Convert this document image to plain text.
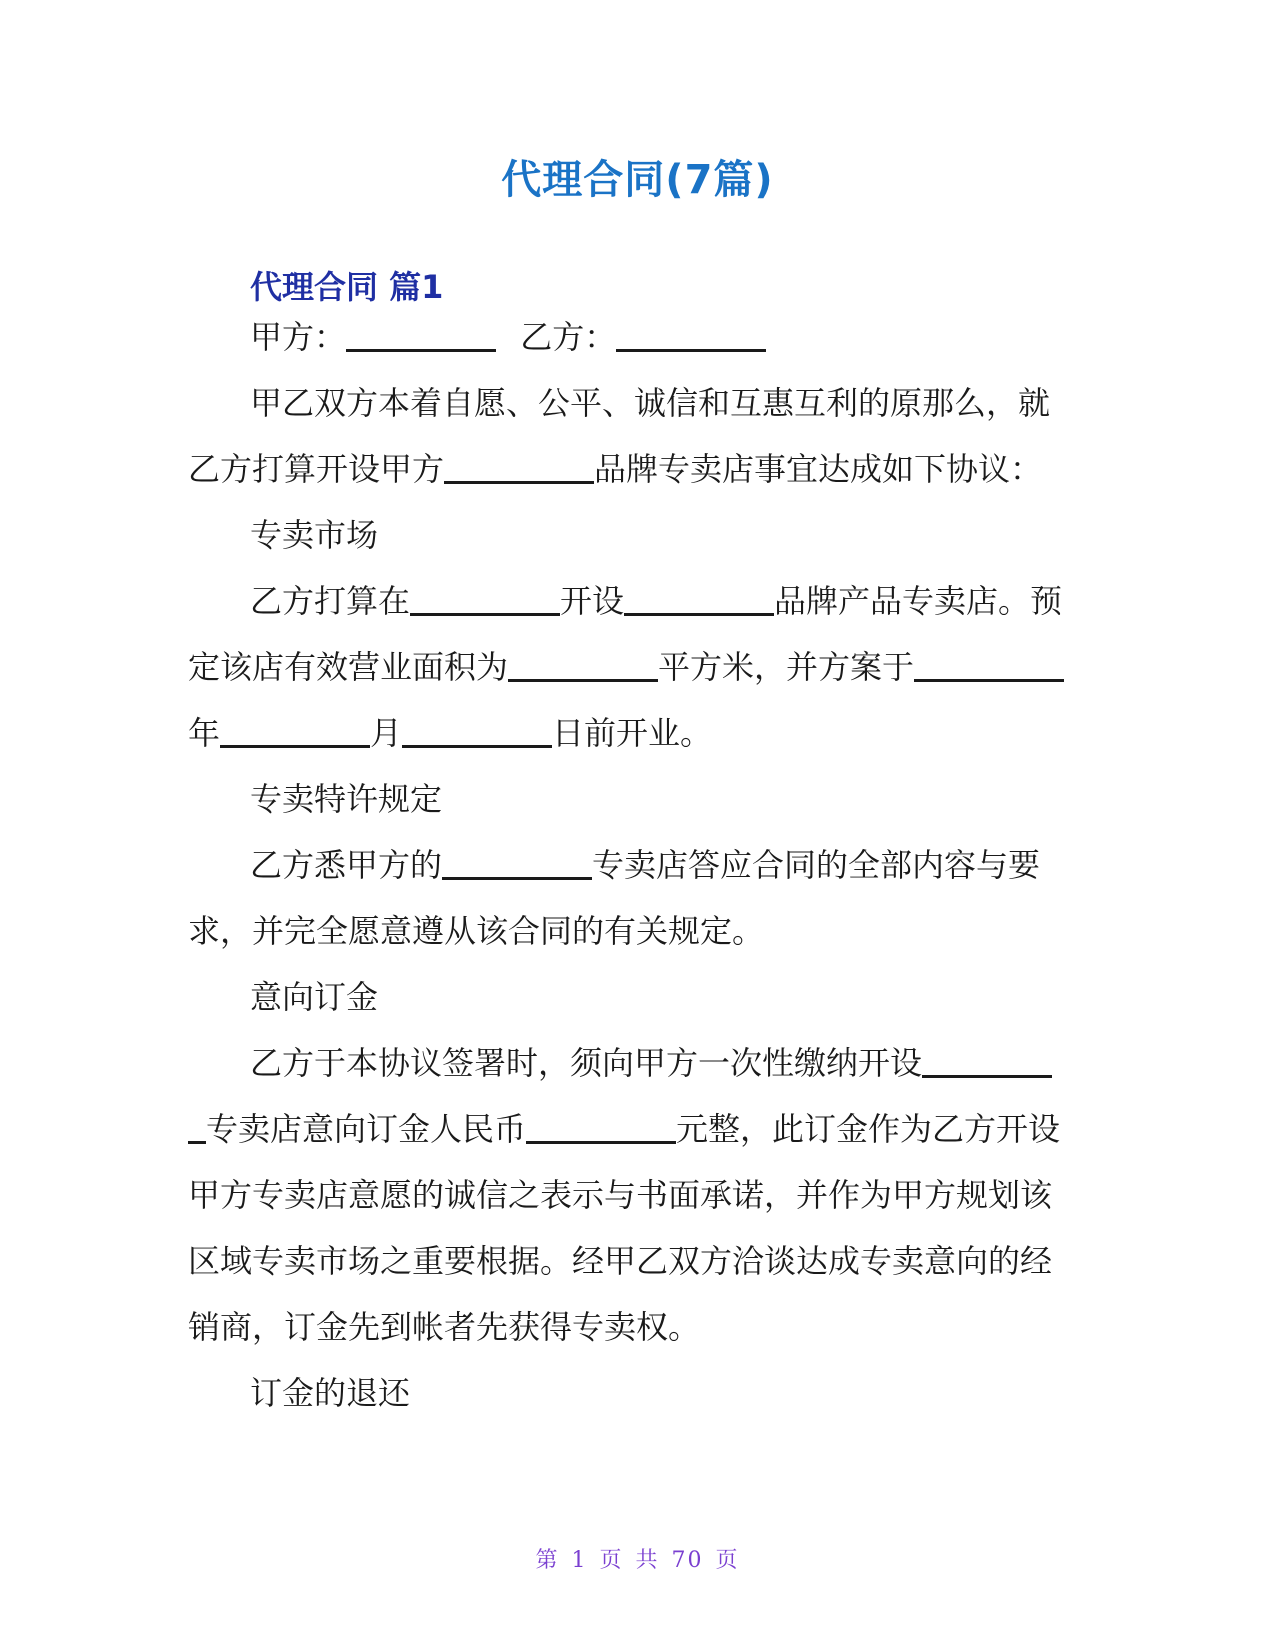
代理合同(7篇)
代理合同 篇1
甲方：	乙方：
甲乙双方本着自愿、公平、诚信和互惠互利的原那么，就
乙方打算开设甲方	品牌专卖店事宜达成如下协议：
专卖市场
乙方打算在	开设	品牌产品专卖店。预
定该店有效营业面积为	平方米，并方案于
年	月	日前开业。
专卖特许规定
乙方悉甲方的	专卖店答应合同的全部内容与要
求，并完全愿意遵从该合同的有关规定。
意向订金
乙方于本协议签署时，须向甲方一次性缴纳开设
专卖店意向订金人民币	元整，此订金作为乙方开设
甲方专卖店意愿的诚信之表示与书面承诺，并作为甲方规划该
区域专卖市场之重要根据。经甲乙双方洽谈达成专卖意向的经
销商，订金先到帐者先获得专卖权。
订金的退还
第 1 页 共 70 页
